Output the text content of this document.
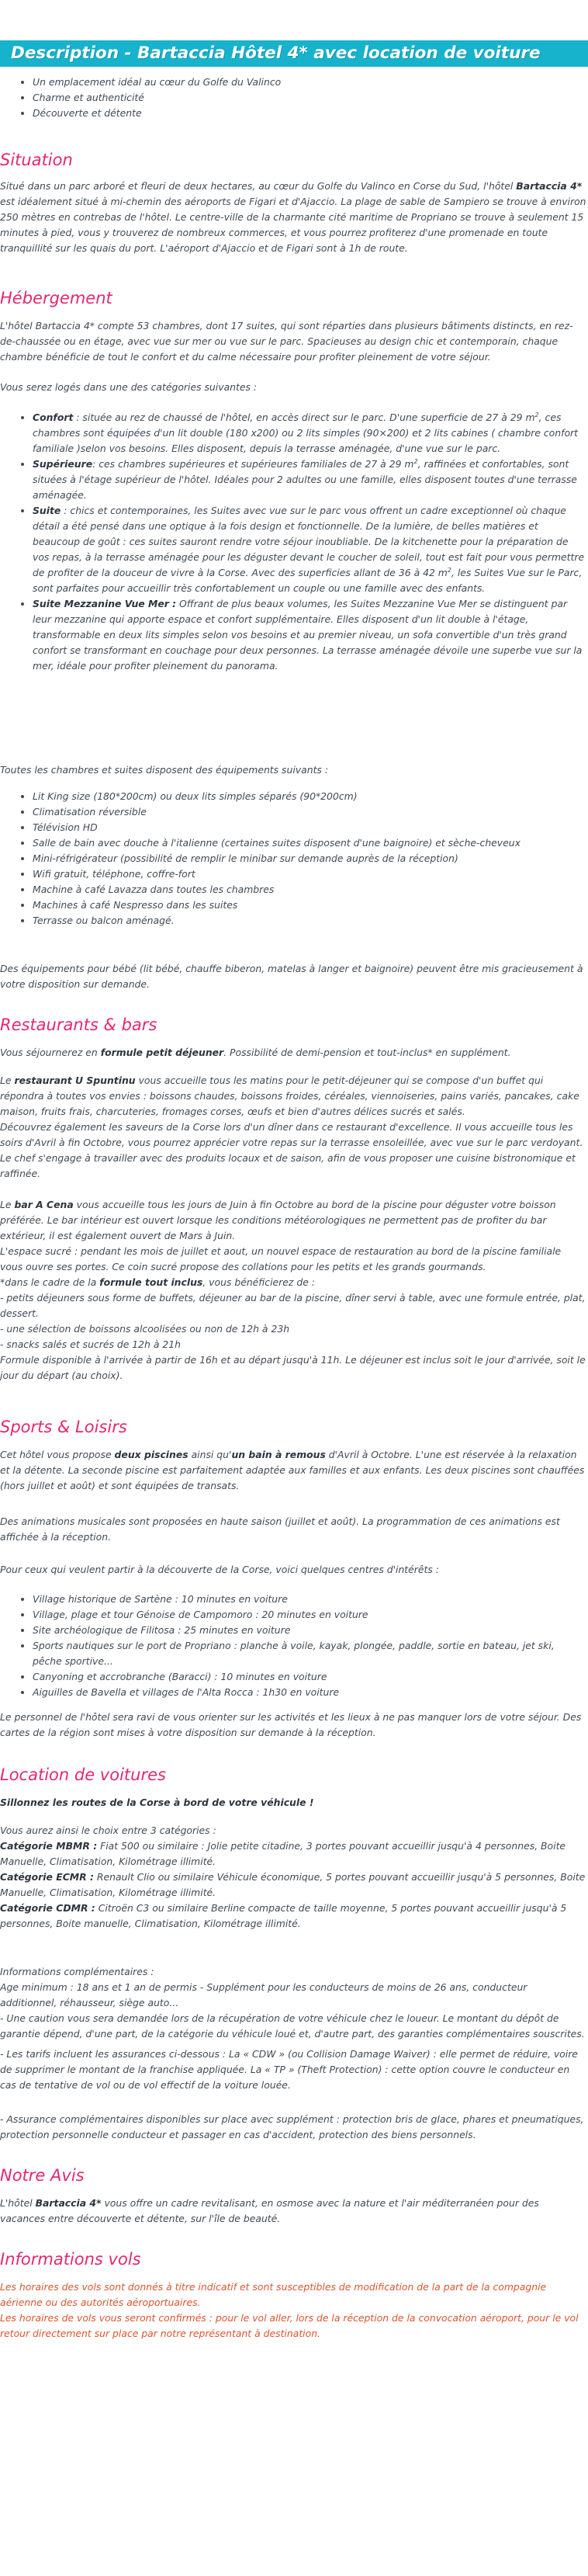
Description - Bartaccia Hôtel 4* avec location de voiture
• Un emplacement idéal au cœur du Golfe du Valinco
• Charme et authenticité
• Découverte et détente
Situation

Situé dans un parc arboré et fleuri de deux hectares, au cœur du Golfe du Valinco en Corse du Sud, l'hôtel Bartaccia 4* est idéalement situé à mi-chemin des aéroports de Figari et d'Ajaccio. La plage de sable de Sampiero se trouve à environ 250 mètres en contrebas de l'hôtel. Le centre-ville de la charmante cité maritime de Propriano se trouve à seulement 15 minutes à pied, vous y trouverez de nombreux commerces, et vous pourrez profiterez d'une promenade en toute tranquillité sur les quais du port. L'aéroport d'Ajaccio et de Figari sont à 1h de route.

Hébergement

L'hôtel Bartaccia 4* compte 53 chambres, dont 17 suites, qui sont réparties dans plusieurs bâtiments distincts, en rez-de-chaussée ou en étage, avec vue sur mer ou vue sur le parc. Spacieuses au design chic et contemporain, chaque chambre bénéficie de tout le confort et du calme nécessaire pour profiter pleinement de votre séjour.

Vous serez logés dans une des catégories suivantes :

• Confort : située au rez de chaussé de l'hôtel, en accès direct sur le parc. D'une superficie de 27 à 29 $m^2$, ces chambres sont équipées d'un lit double (180 x200) ou 2 lits simples (90×200) et 2 lits cabines ( chambre confort familiale )selon vos besoins. Elles disposent, depuis la terrasse aménagée, d'une vue sur le parc.
• Supérieure: ces chambres supérieures et supérieures familiales de 27 à 29 $m^2$, raffinées et confortables, sont situées à l'étage supérieur de l'hôtel. Idéales pour 2 adultes ou une famille, elles disposent toutes d'une terrasse aménagée.
• Suite : chics et contemporaines, les Suites avec vue sur le parc vous offrent un cadre exceptionnel où chaque détail a été pensé dans une optique à la fois design et fonctionnelle. De la lumière, de belles matières et beaucoup de goût : ces suites sauront rendre votre séjour inoubliable. De la kitchenette pour la préparation de vos repas, à la terrasse aménagée pour les déguster devant le coucher de soleil, tout est fait pour vous permettre de profiter de la douceur de vivre à la Corse. Avec des superficies allant de 36 à 42 $m^2$, les Suites Vue sur le Parc, sont parfaites pour accueillir très confortablement un couple ou une famille avec des enfants.
• Suite Mezzanine Vue Mer : Offrant de plus beaux volumes, les Suites Mezzanine Vue Mer se distinguent par leur mezzanine qui apporte espace et confort supplémentaire. Elles disposent d'un lit double à l'étage, transformable en deux lits simples selon vos besoins et au premier niveau, un sofa convertible d'un très grand confort se transformant en couchage pour deux personnes. La terrasse aménagée dévoile une superbe vue sur la mer, idéale pour profiter pleinement du panorama.

Toutes les chambres et suites disposent des équipements suivants :

• Lit King size (180*200cm) ou deux lits simples séparés (90*200cm)
• Climatisation réversible
• Télévision HD
• Salle de bain avec douche à l'italienne (certaines suites disposent d'une baignoire) et sèche-cheveux
• Mini-réfrigérateur (possibilité de remplir le minibar sur demande auprès de la réception)
• Wifi gratuit, téléphone, coffre-fort
• Machine à café Lavazza dans toutes les chambres
• Machines à café Nespresso dans les suites
• Terrasse ou balcon aménagé.

Des équipements pour bébé (lit bébé, chauffe biberon, matelas à langer et baignoire) peuvent être mis gracieusement à votre disposition sur demande.

Restaurants & bars

Vous séjournerez en formule petit déjeuner. Possibilité de demi-pension et tout-inclus* en supplément.

Le restaurant U Spuntinu vous accueille tous les matins pour le petit-déjeuner qui se compose d'un buffet qui répondra à toutes vos envies : boissons chaudes, boissons froides, céréales, viennoiseries, pains variés, pancakes, cake maison, fruits frais, charcuteries, fromages corses, œufs et bien d'autres délices sucrés et salés.

Découvrez également les saveurs de la Corse lors d'un dîner dans ce restaurant d'excellence. Il vous accueille tous les soirs d'Avril à fin Octobre, vous pourrez apprécier votre repas sur la terrasse ensoleillée, avec vue sur le parc verdoyant. Le chef s'engage à travailler avec des produits locaux et de saison, afin de vous proposer une cuisine bistronomique et raffinée.

Le bar A Cena vous accueille tous les jours de Juin à fin Octobre au bord de la piscine pour déguster votre boisson préférée. Le bar intérieur est ouvert lorsque les conditions météorologiques ne permettent pas de profiter du bar extérieur, il est également ouvert de Mars à Juin.

L'espace sucré : pendant les mois de juillet et aout, un nouvel espace de restauration au bord de la piscine familiale vous ouvre ses portes. Ce coin sucré propose des collations pour les petits et les grands gourmands.

*dans le cadre de la formule tout inclus, vous bénéficierez de :

- petits déjeuners sous forme de buffets, déjeuner au bar de la piscine, dîner servi à table, avec une formule entrée, plat, dessert.

- une sélection de boissons alcoolisées ou non de 12h à 23h

- snacks salés et sucrés de 12h à 21h

Formule disponible à l'arrivée à partir de 16h et au départ jusqu'à 11h. Le déjeuner est inclus soit le jour d'arrivée, soit le jour du départ (au choix).

Sports & Loisirs

Cet hôtel vous propose deux piscines ainsi qu'un bain à remous d'Avril à Octobre. L'une est réservée à la relaxation et la détente. La seconde piscine est parfaitement adaptée aux familles et aux enfants. Les deux piscines sont chauffées (hors juillet et août) et sont équipées de transats.

Des animations musicales sont proposées en haute saison (juillet et août). La programmation de ces animations est affichée à la réception.

Pour ceux qui veulent partir à la découverte de la Corse, voici quelques centres d'intérêts :

• Village historique de Sartène : 10 minutes en voiture
• Village, plage et tour Génoise de Campomoro : 20 minutes en voiture
• Site archéologique de Filitosa : 25 minutes en voiture
• Sports nautiques sur le port de Propriano : planche à voile, kayak, plongée, paddle, sortie en bateau, jet ski, pêche sportive...
• Canyoning et accrobranche (Baracci) : 10 minutes en voiture
• Aiguilles de Bavella et villages de l'Alta Rocca : 1h30 en voiture

Le personnel de l'hôtel sera ravi de vous orienter sur les activités et les lieux à ne pas manquer lors de votre séjour. Des cartes de la région sont mises à votre disposition sur demande à la réception.

Location de voitures

Sillonnez les routes de la Corse à bord de votre véhicule !

Vous aurez ainsi le choix entre 3 catégories :

Catégorie MBMR : Fiat 500 ou similaire : Jolie petite citadine, 3 portes pouvant accueillir jusqu'à 4 personnes, Boite Manuelle, Climatisation, Kilométrage illimité.

Catégorie ECMR : Renault Clio ou similaire Véhicule économique, 5 portes pouvant accueillir jusqu'à 5 personnes, Boite Manuelle, Climatisation, Kilométrage illimité.

Catégorie CDMR : Citroën C3 ou similaire Berline compacte de taille moyenne, 5 portes pouvant accueillir jusqu'à 5 personnes, Boite manuelle, Climatisation, Kilométrage illimité.

Informations complémentaires :

Age minimum : 18 ans et 1 an de permis - Supplément pour les conducteurs de moins de 26 ans, conducteur additionnel, réhausseur, siège auto...

- Une caution vous sera demandée lors de la récupération de votre véhicule chez le loueur. Le montant du dépôt de garantie dépend, d'une part, de la catégorie du véhicule loué et, d'autre part, des garanties complémentaires souscrites.

- Les tarifs incluent les assurances ci-dessous : La « CDW » (ou Collision Damage Waiver) : elle permet de réduire, voire de supprimer le montant de la franchise appliquée. La « TP » (Theft Protection) : cette option couvre le conducteur en cas de tentative de vol ou de vol effectif de la voiture louée.

- Assurance complémentaires disponibles sur place avec supplément : protection bris de glace, phares et pneumatiques, protection personnelle conducteur et passager en cas d'accident, protection des biens personnels.

Notre Avis

L'hôtel Bartaccia 4* vous offre un cadre revitalisant, en osmose avec la nature et l'air méditerranéen pour des vacances entre découverte et détente, sur l'île de beauté.

Informations vols

Les horaires des vols sont donnés à titre indicatif et sont susceptibles de modification de la part de la compagnie aérienne ou des autorités aéroportuaires.

Les horaires de vols vous seront confirmés : pour le vol aller, lors de la réception de la convocation aéroport, pour le vol retour directement sur place par notre représentant à destination.
